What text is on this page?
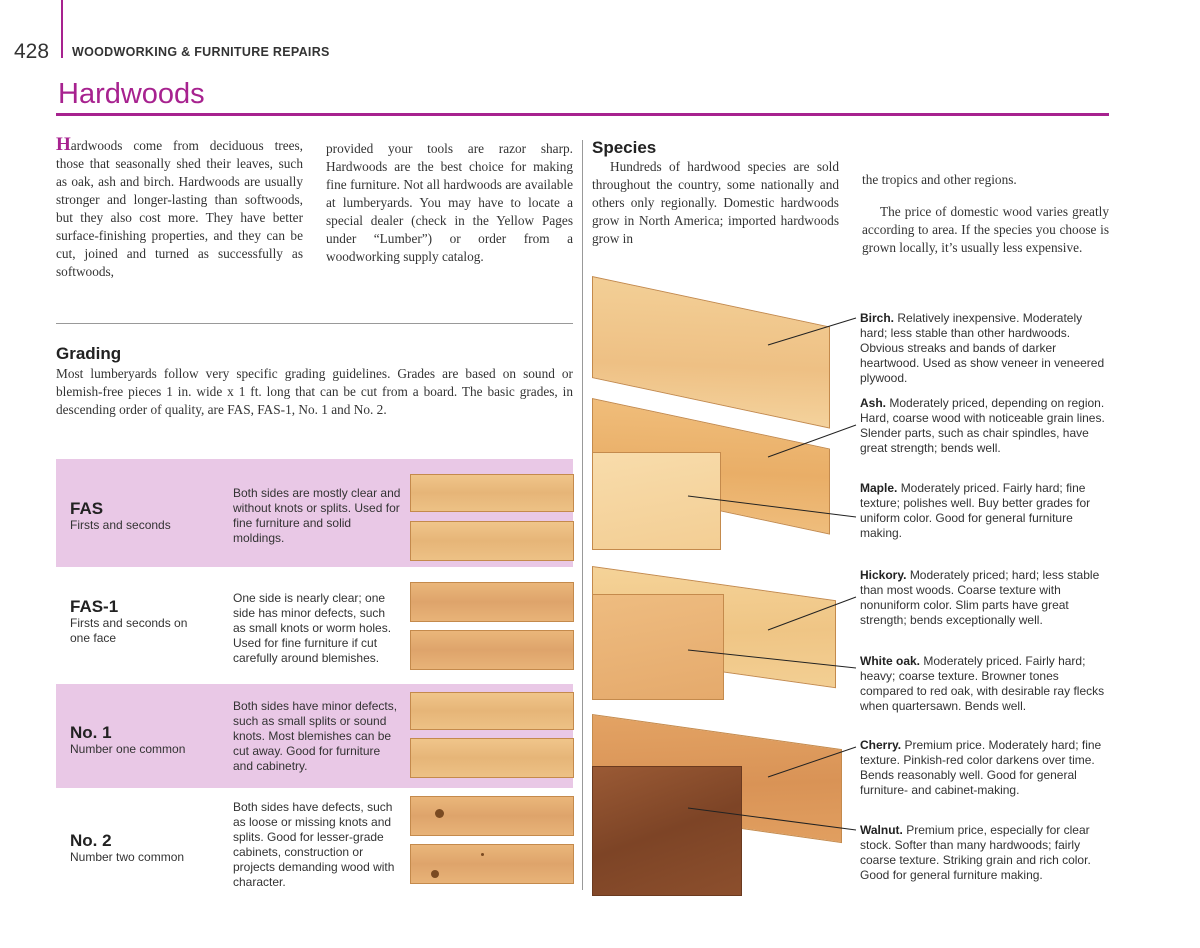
428 WOODWORKING & FURNITURE REPAIRS
Hardwoods
Hardwoods come from deciduous trees, those that seasonally shed their leaves, such as oak, ash and birch. Hardwoods are usually stronger and longer-lasting than softwoods, but they also cost more. They have better surface-finishing properties, and they can be cut, joined and turned as successfully as softwoods,
provided your tools are razor sharp. Hardwoods are the best choice for making fine furniture. Not all hardwoods are available at lumberyards. You may have to locate a special dealer (check in the Yellow Pages under “Lumber”) or order from a woodworking supply catalog.
Grading
Most lumberyards follow very specific grading guidelines. Grades are based on sound or blemish-free pieces 1 in. wide x 1 ft. long that can be cut from a board. The basic grades, in descending order of quality, are FAS, FAS-1, No. 1 and No. 2.
FAS
Firsts and seconds
Both sides are mostly clear and without knots or splits. Used for fine furniture and solid moldings.
FAS-1
Firsts and seconds on one face
One side is nearly clear; one side has minor defects, such as small knots or worm holes. Used for fine furniture if cut carefully around blemishes.
No. 1
Number one common
Both sides have minor defects, such as small splits or sound knots. Most blemishes can be cut away. Good for furniture and cabinetry.
No. 2
Number two common
Both sides have defects, such as loose or missing knots and splits. Good for lesser-grade cabinets, construction or projects demanding wood with character.
Species
Hundreds of hardwood species are sold throughout the country, some nationally and others only regionally. Domestic hardwoods grow in North America; imported hardwoods grow in

the tropics and other regions.

The price of domestic wood varies greatly according to area. If the species you choose is grown locally, it’s usually less expensive.

Birch. Relatively inexpensive. Moderately hard; less stable than other hardwoods. Obvious streaks and bands of darker heartwood. Used as show veneer in veneered plywood.
Ash. Moderately priced, depending on region. Hard, coarse wood with noticeable grain lines. Slender parts, such as chair spindles, have great strength; bends well.
Maple. Moderately priced. Fairly hard; fine texture; polishes well. Buy better grades for uniform color. Good for general furniture making.
Hickory. Moderately priced; hard; less stable than most woods. Coarse texture with nonuniform color. Slim parts have great strength; bends exceptionally well.
White oak. Moderately priced. Fairly hard; heavy; coarse texture. Browner tones compared to red oak, with desirable ray flecks when quartersawn. Bends well.
Cherry. Premium price. Moderately hard; fine texture. Pinkish-red color darkens over time. Bends reasonably well. Good for general furniture- and cabinet-making.
Walnut. Premium price, especially for clear stock. Softer than many hardwoods; fairly coarse texture. Striking grain and rich color. Good for general furniture making.
